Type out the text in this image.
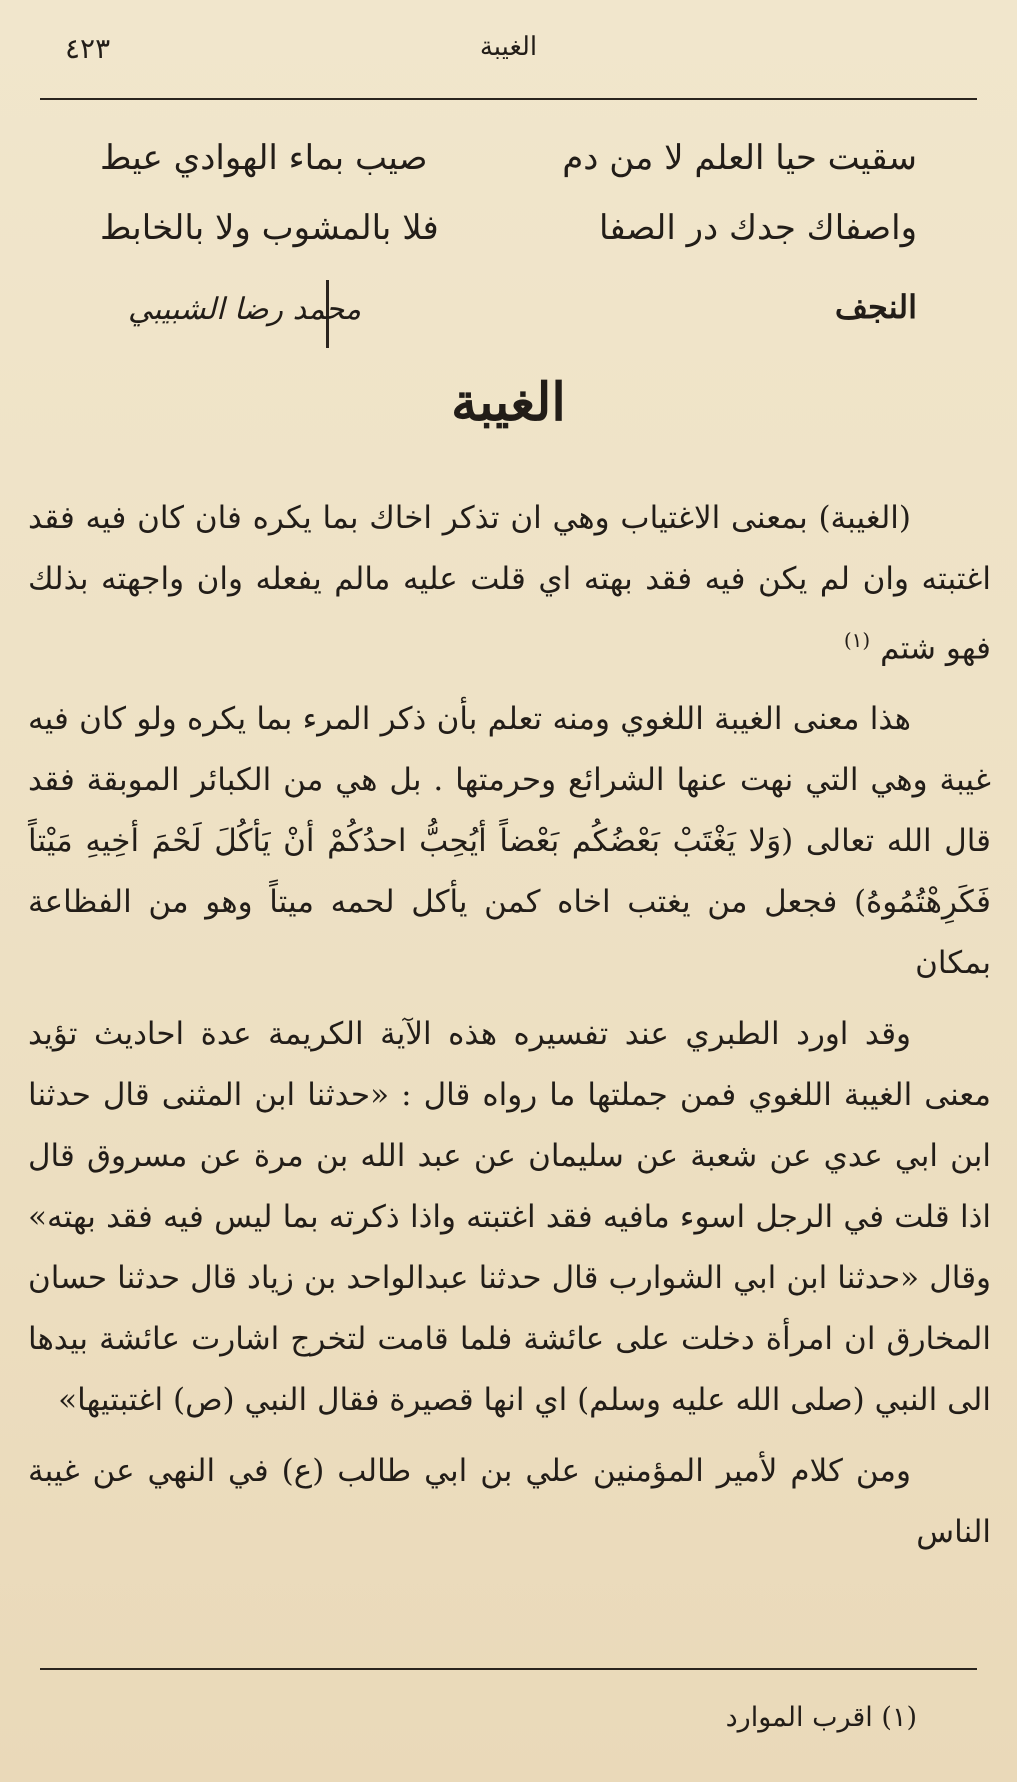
٤٢٣	الغيبة
سقيت حيا العلم لا من دم
صيب بماء الهوادي عيط
واصفاك جدك در الصفا
فلا بالمشوب ولا بالخابط
النجف
محمد رضا الشبيبي
الغيبة

(الغيبة) بمعنى الاغتياب وهي ان تذكر اخاك بما يكره فان كان فيه فقد اغتبته وان لم يكن فيه فقد بهته اي قلت عليه مالم يفعله وان واجهته بذلك فهو شتم $^{(١)}$

هذا معنى الغيبة اللغوي ومنه تعلم بأن ذكر المرء بما يكره ولو كان فيه غيبة وهي التي نهت عنها الشرائع وحرمتها . بل هي من الكبائر الموبقة فقد قال الله تعالى (وَلا يَغْتَبْ بَعْضُكُم بَعْضاً أيُحِبُّ احدُكُمْ أنْ يَأكُلَ لَحْمَ أخِيهِ مَيْتاً فَكَرِهْتُمُوهُ) فجعل من يغتب اخاه كمن يأكل لحمه ميتاً وهو من الفظاعة بمكان

وقد اورد الطبري عند تفسيره هذه الآية الكريمة عدة احاديث تؤيد معنى الغيبة اللغوي فمن جملتها ما رواه قال : «حدثنا ابن المثنى قال حدثنا ابن ابي عدي عن شعبة عن سليمان عن عبد الله بن مرة عن مسروق قال اذا قلت في الرجل اسوء مافيه فقد اغتبته واذا ذكرته بما ليس فيه فقد بهته» وقال «حدثنا ابن ابي الشوارب قال حدثنا عبدالواحد بن زياد قال حدثنا حسان المخارق ان امرأة دخلت على عائشة فلما قامت لتخرج اشارت عائشة بيدها الى النبي (صلى الله عليه وسلم) اي انها قصيرة فقال النبي (ص) اغتبتيها»

ومن كلام لأمير المؤمنين علي بن ابي طالب (ع) في النهي عن غيبة الناس

(١) اقرب الموارد
